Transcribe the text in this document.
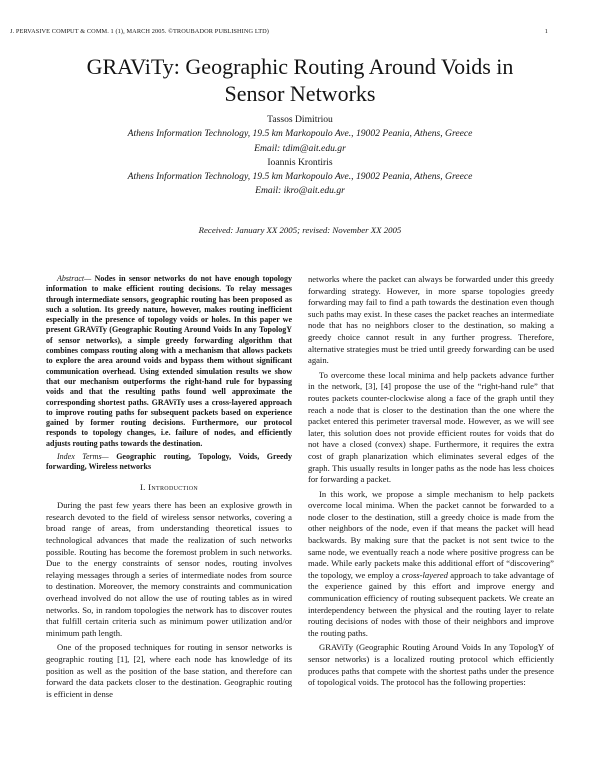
J. PERVASIVE COMPUT & COMM. 1 (1), MARCH 2005. ©TROUBADOR PUBLISHING LTD)	1
GRAViTy: Geographic Routing Around Voids in
Sensor Networks
Tassos Dimitriou
Athens Information Technology, 19.5 km Markopoulo Ave., 19002 Peania, Athens, Greece
Email: tdim@ait.edu.gr
Ioannis Krontiris
Athens Information Technology, 19.5 km Markopoulo Ave., 19002 Peania, Athens, Greece
Email: ikro@ait.edu.gr
Received: January XX 2005; revised: November XX 2005

Abstract— Nodes in sensor networks do not have enough topology information to make efficient routing decisions. To relay messages through intermediate sensors, geographic routing has been proposed as such a solution. Its greedy nature, however, makes routing inefficient especially in the presence of topology voids or holes. In this paper we present GRAViTy (Geographic Routing Around Voids In any TopologY of sensor networks), a simple greedy forwarding algorithm that combines compass routing along with a mechanism that allows packets to explore the area around voids and bypass them without significant communication overhead. Using extended simulation results we show that our mechanism outperforms the right-hand rule for bypassing voids and that the resulting paths found well approximate the corresponding shortest paths. GRAViTy uses a cross-layered approach to improve routing paths for subsequent packets based on experience gained by former routing decisions. Furthermore, our protocol responds to topology changes, i.e. failure of nodes, and efficiently adjusts routing paths towards the destination.

Index Terms— Geographic routing, Topology, Voids, Greedy forwarding, Wireless networks

I. Introduction

During the past few years there has been an explosive growth in research devoted to the field of wireless sensor networks, covering a broad range of areas, from understanding theoretical issues to technological advances that made the realization of such networks possible. Routing has become the foremost problem in such networks. Due to the energy constraints of sensor nodes, routing involves relaying messages through a series of intermediate nodes from source to destination. Moreover, the memory constraints and communication overhead involved do not allow the use of routing tables as in wired networks. So, in random topologies the network has to discover routes that fulfill certain criteria such as minimum power utilization and/or minimum path length.

One of the proposed techniques for routing in sensor networks is geographic routing [1], [2], where each node has knowledge of its position as well as the position of the base station, and therefore can forward the data packets closer to the destination. Geographic routing is efficient in dense

networks where the packet can always be forwarded under this greedy forwarding strategy. However, in more sparse topologies greedy forwarding may fail to find a path towards the destination even though such paths may exist. In these cases the packet reaches an intermediate node that has no neighbors closer to the destination, so making a greedy choice cannot result in any further progress. Therefore, alternative strategies must be tried until greedy forwarding can be used again.

To overcome these local minima and help packets advance further in the network, [3], [4] propose the use of the “right-hand rule” that routes packets counter-clockwise along a face of the graph until they reach a node that is closer to the destination than the one where the packet entered this perimeter traversal mode. However, as we will see later, this solution does not provide efficient routes for voids that do not have a closed (convex) shape. Furthermore, it requires the extra cost of graph planarization which eliminates several edges of the graph. This usually results in longer paths as the node has less choices for forwarding a packet.

In this work, we propose a simple mechanism to help packets overcome local minima. When the packet cannot be forwarded to a node closer to the destination, still a greedy choice is made from the other neighbors of the node, even if that means the packet will head backwards. By making sure that the packet is not sent twice to the same node, we eventually reach a node where positive progress can be made. While early packets make this additional effort of “discovering” the topology, we employ a cross-layered approach to take advantage of the experience gained by this effort and improve energy and communication efficiency of routing subsequent packets. We create an interdependency between the physical and the routing layer to relate routing decisions of nodes with those of their neighbors and improve the routing paths.

GRAViTy (Geographic Routing Around Voids In any TopologY of sensor networks) is a localized routing protocol which efficiently produces paths that compete with the shortest paths under the presence of topological voids. The protocol has the following properties:
